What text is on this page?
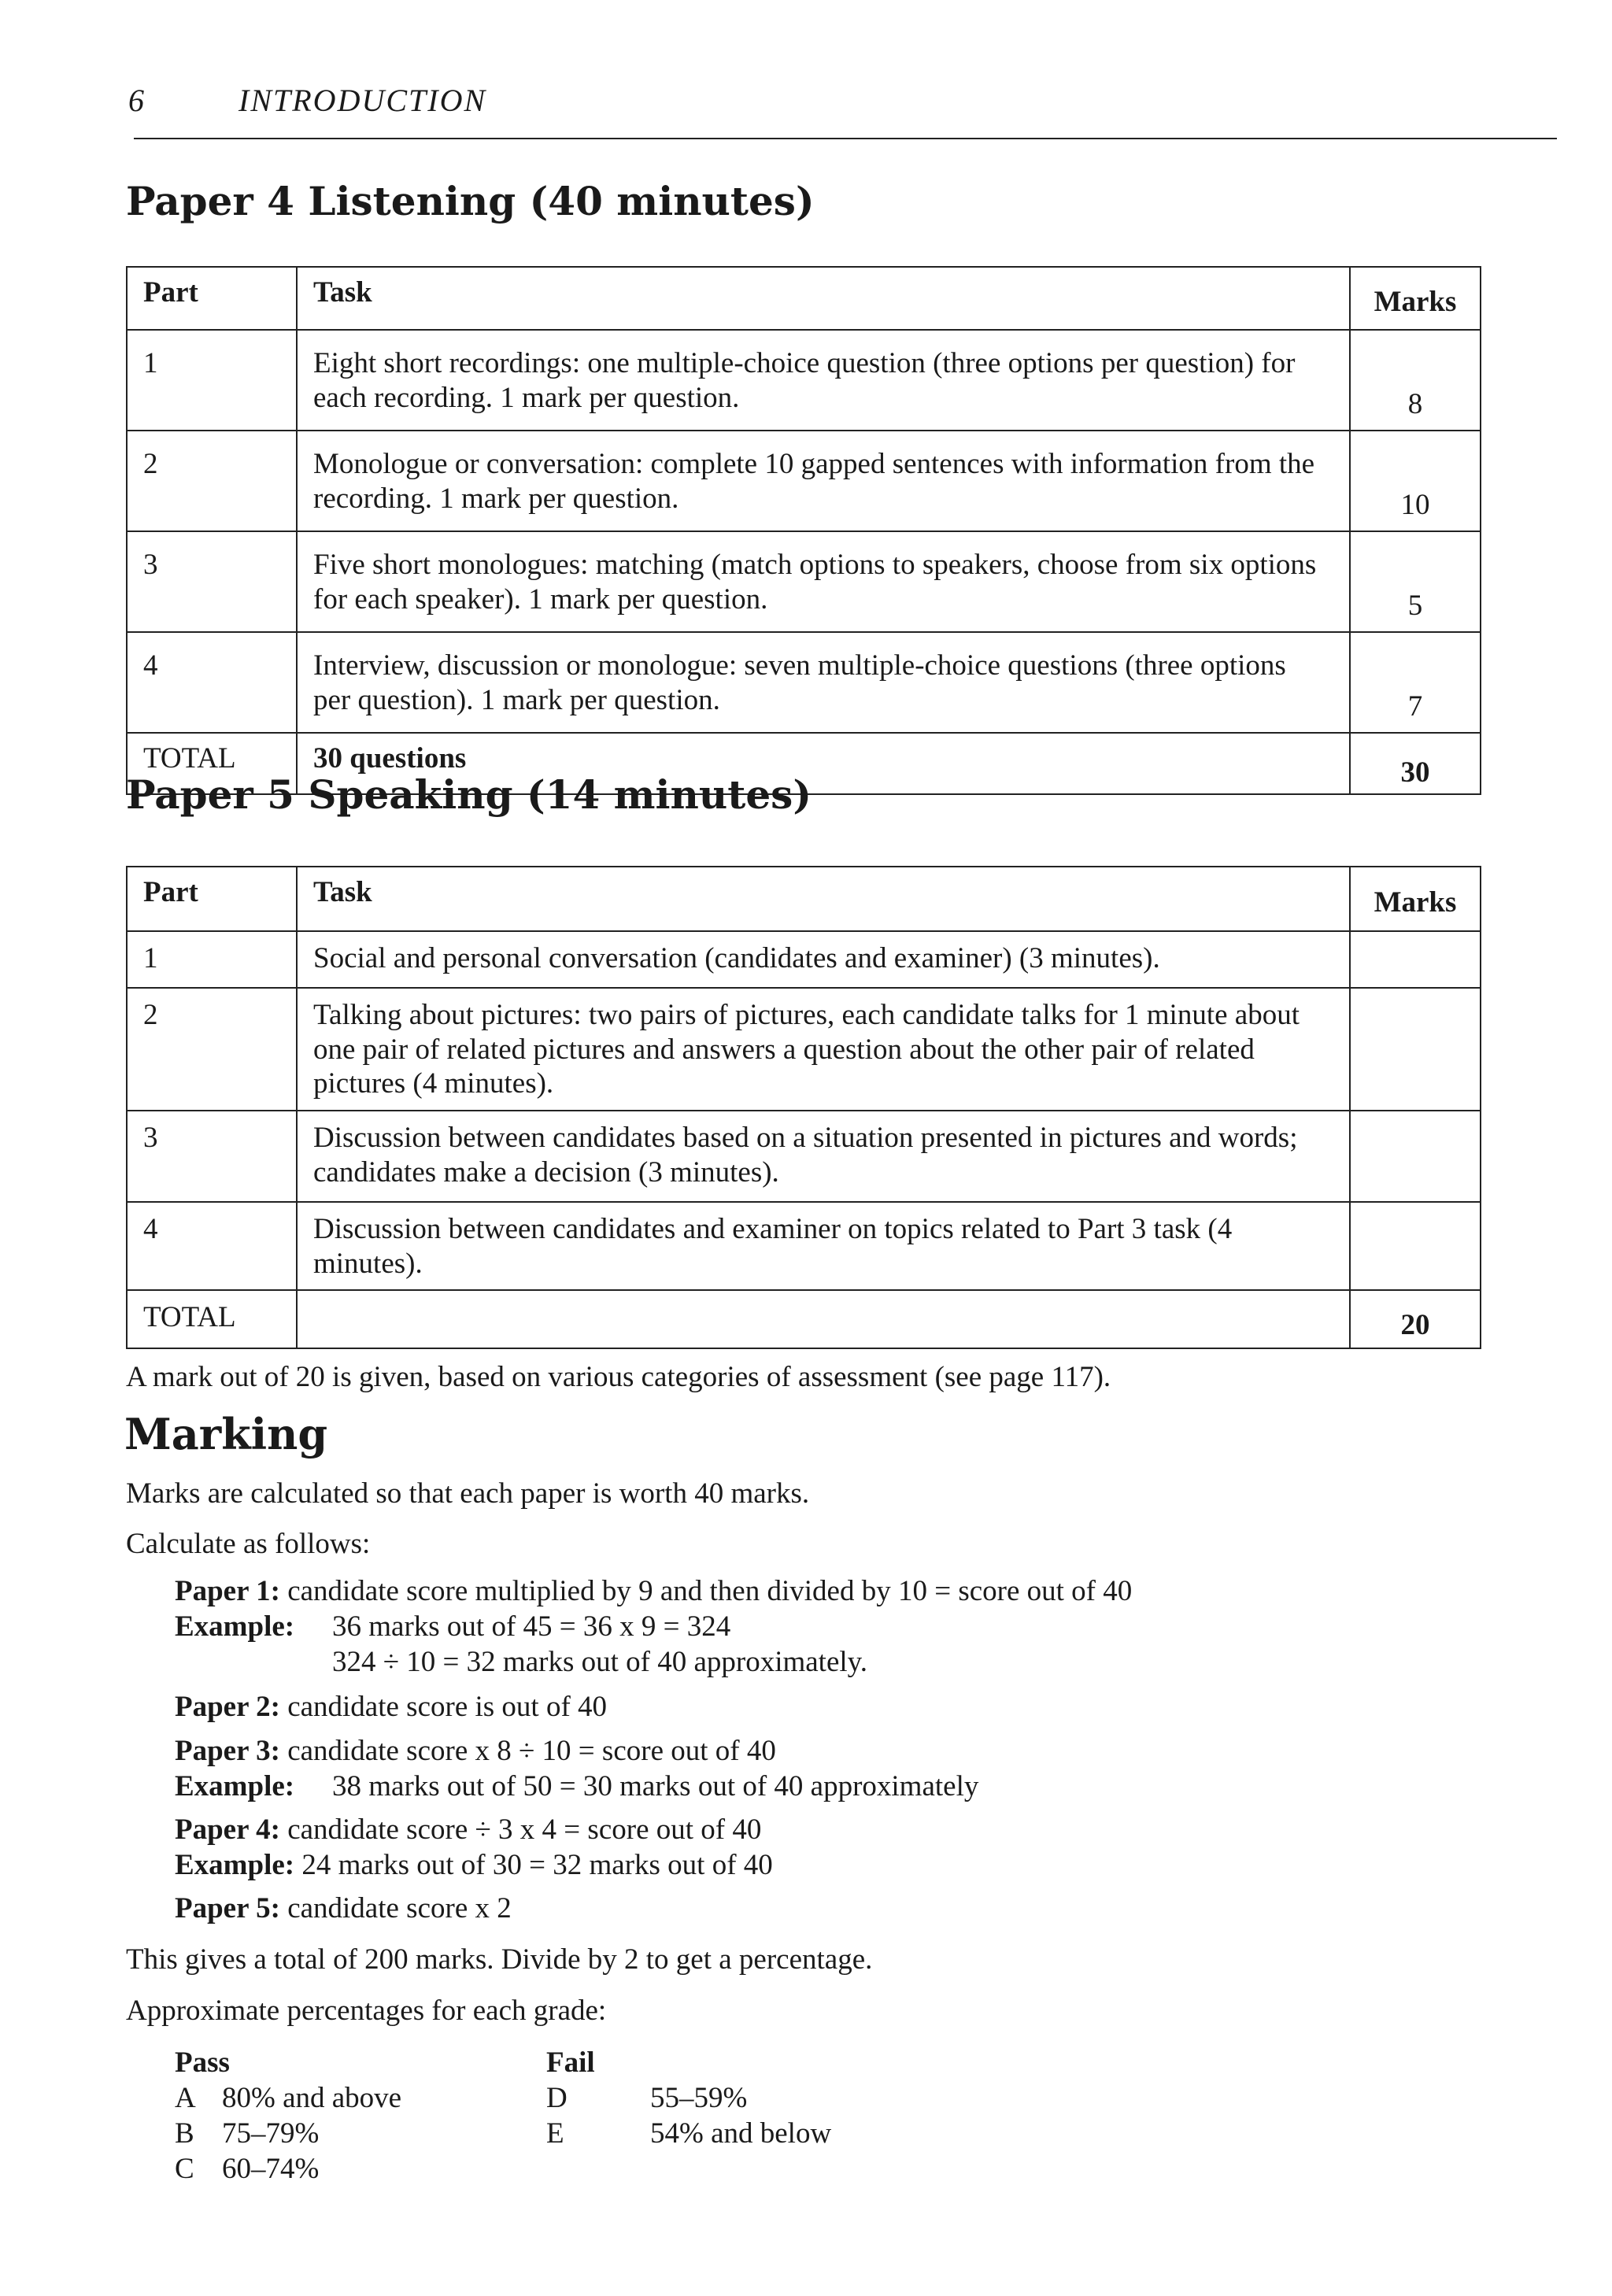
6	INTRODUCTION
Paper 4 Listening (40 minutes)
Part	Task	Marks
1	Eight short recordings: one multiple-choice question (three options per question) for each recording. 1 mark per question.	8
2	Monologue or conversation: complete 10 gapped sentences with information from the recording. 1 mark per question.	10
3	Five short monologues: matching (match options to speakers, choose from six options for each speaker). 1 mark per question.	5
4	Interview, discussion or monologue: seven multiple-choice questions (three options per question). 1 mark per question.	7
TOTAL	30 questions	30
Paper 5 Speaking (14 minutes)
Part	Task	Marks
1	Social and personal conversation (candidates and examiner) (3 minutes).	
2	Talking about pictures: two pairs of pictures, each candidate talks for 1 minute about one pair of related pictures and answers a question about the other pair of related pictures (4 minutes).	
3	Discussion between candidates based on a situation presented in pictures and words; candidates make a decision (3 minutes).	
4	Discussion between candidates and examiner on topics related to Part 3 task (4 minutes).	
TOTAL		20
A mark out of 20 is given, based on various categories of assessment (see page 117).
Marking
Marks are calculated so that each paper is worth 40 marks.
Calculate as follows:
Paper 1: candidate score multiplied by 9 and then divided by 10 = score out of 40
Example: 36 marks out of 45 = 36 x 9 = 324
324 ÷ 10 = 32 marks out of 40 approximately.
Paper 2: candidate score is out of 40
Paper 3: candidate score x 8 ÷ 10 = score out of 40
Example: 38 marks out of 50 = 30 marks out of 40 approximately
Paper 4: candidate score ÷ 3 x 4 = score out of 40
Example: 24 marks out of 30 = 32 marks out of 40
Paper 5: candidate score x 2
This gives a total of 200 marks. Divide by 2 to get a percentage.
Approximate percentages for each grade:
Pass
A 80% and above
B 75–79%
C 60–74%
Fail
D	55–59%
E	54% and below
